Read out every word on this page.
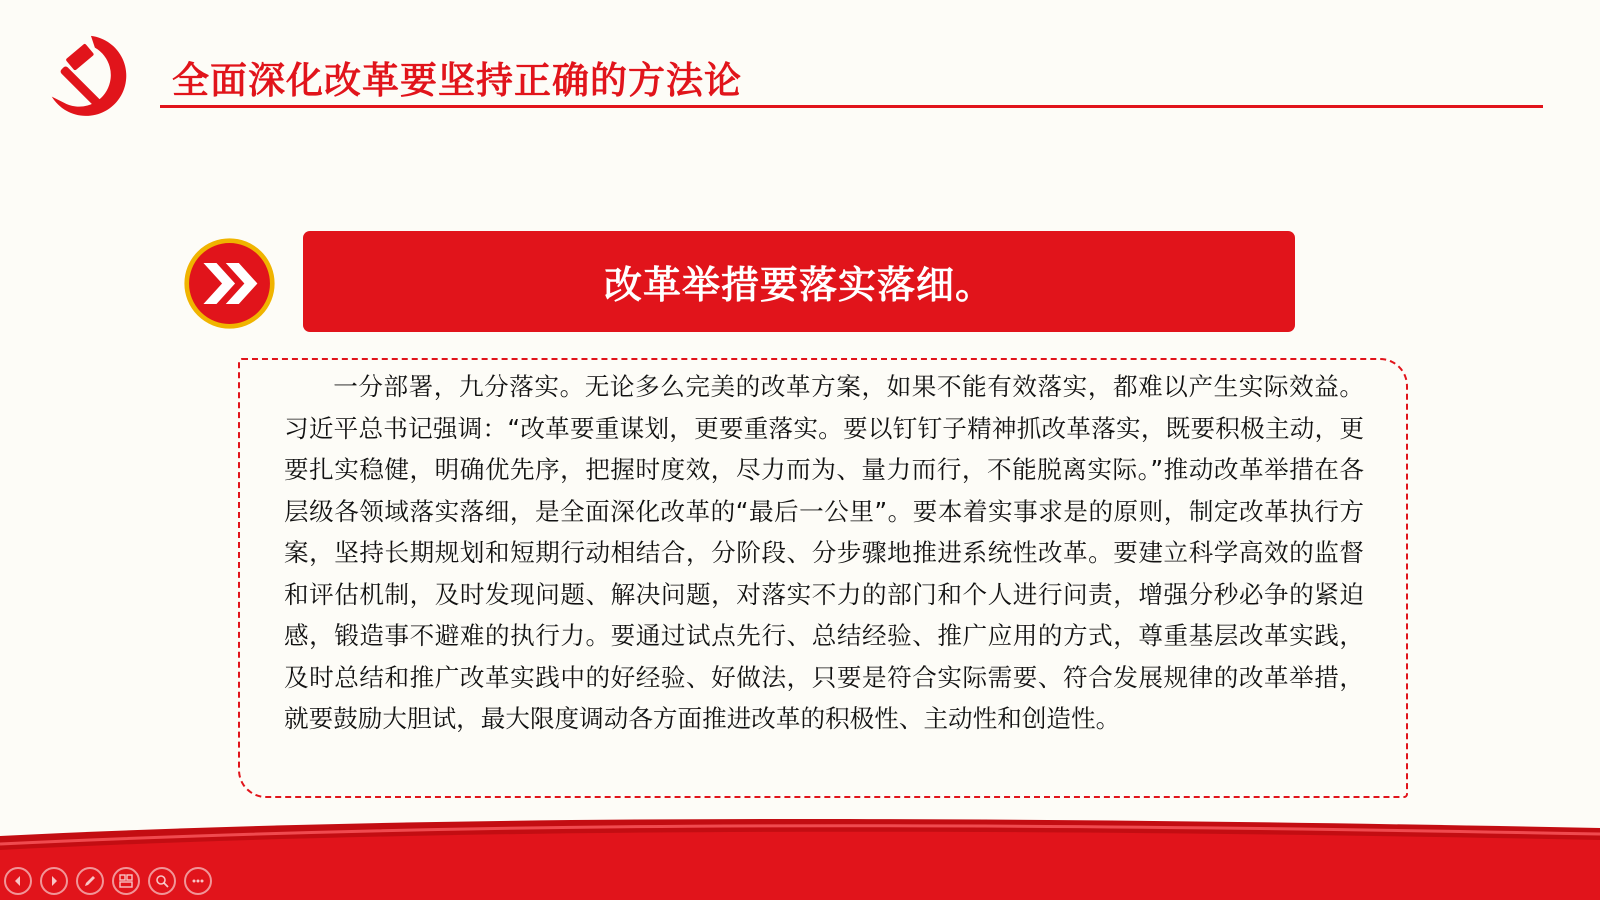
全面深化改革要坚持正确的方法论
改革举措要落实落细。

一分部署，九分落实。无论多么完美的改革方案，如果不能有效落实，都难以产生实际效益。习近平总书记强调：“改革要重谋划，更要重落实。要以钉钉子精神抓改革落实，既要积极主动，更要扎实稳健，明确优先序，把握时度效，尽力而为、量力而行，不能脱离实际。”推动改革举措在各层级各领域落实落细，是全面深化改革的“最后一公里”。要本着实事求是的原则，制定改革执行方案，坚持长期规划和短期行动相结合，分阶段、分步骤地推进系统性改革。要建立科学高效的监督和评估机制，及时发现问题、解决问题，对落实不力的部门和个人进行问责，增强分秒必争的紧迫感，锻造事不避难的执行力。要通过试点先行、总结经验、推广应用的方式，尊重基层改革实践，及时总结和推广改革实践中的好经验、好做法，只要是符合实际需要、符合发展规律的改革举措，就要鼓励大胆试，最大限度调动各方面推进改革的积极性、主动性和创造性。
